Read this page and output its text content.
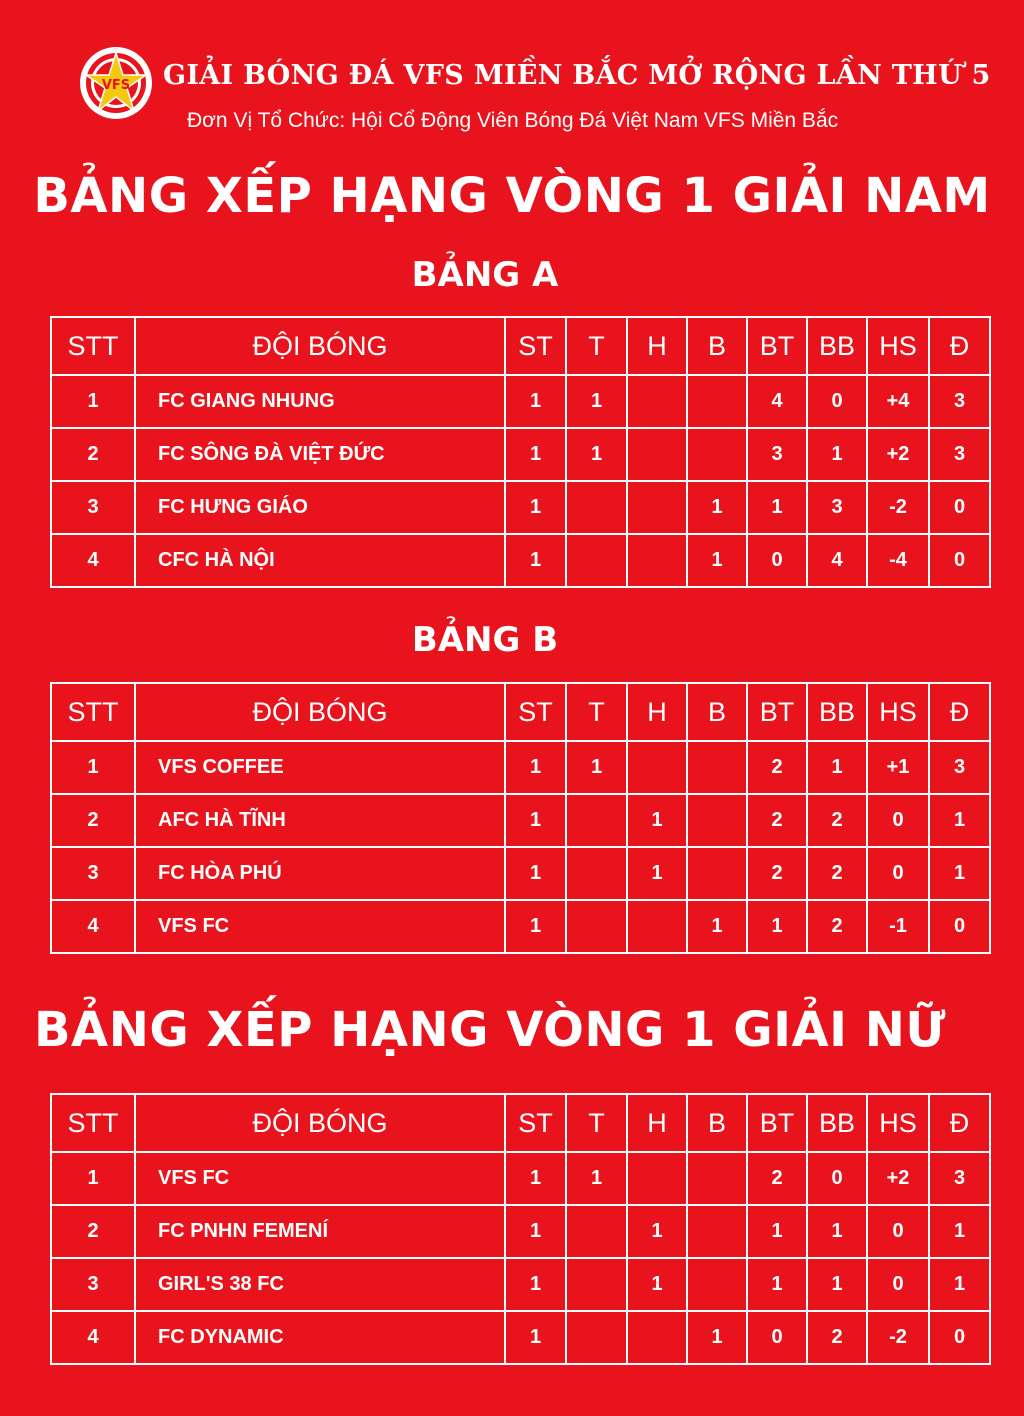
VFS GIẢI BÓNG ĐÁ VFS MIỀN BẮC MỞ RỘNG LẦN THỨ 5
Đơn Vị Tổ Chức: Hội Cổ Động Viên Bóng Đá Việt Nam VFS Miền Bắc
BẢNG XẾP HẠNG VÒNG 1 GIẢI NAM
BẢNG A
STT	ĐỘI BÓNG	ST	T	H	B	BT	BB	HS	Đ
1	FC GIANG NHUNG	1	1			4	0	+4	3
2	FC SÔNG ĐÀ VIỆT ĐỨC	1	1			3	1	+2	3
3	FC HƯNG GIÁO	1			1	1	3	-2	0
4	CFC HÀ NỘI	1			1	0	4	-4	0
BẢNG B
STT	ĐỘI BÓNG	ST	T	H	B	BT	BB	HS	Đ
1	VFS COFFEE	1	1			2	1	+1	3
2	AFC HÀ TĨNH	1		1		2	2	0	1
3	FC HÒA PHÚ	1		1		2	2	0	1
4	VFS FC	1			1	1	2	-1	0
BẢNG XẾP HẠNG VÒNG 1 GIẢI NỮ
STT	ĐỘI BÓNG	ST	T	H	B	BT	BB	HS	Đ
1	VFS FC	1	1			2	0	+2	3
2	FC PNHN FEMENÍ	1		1		1	1	0	1
3	GIRL'S 38 FC	1		1		1	1	0	1
4	FC DYNAMIC	1			1	0	2	-2	0
